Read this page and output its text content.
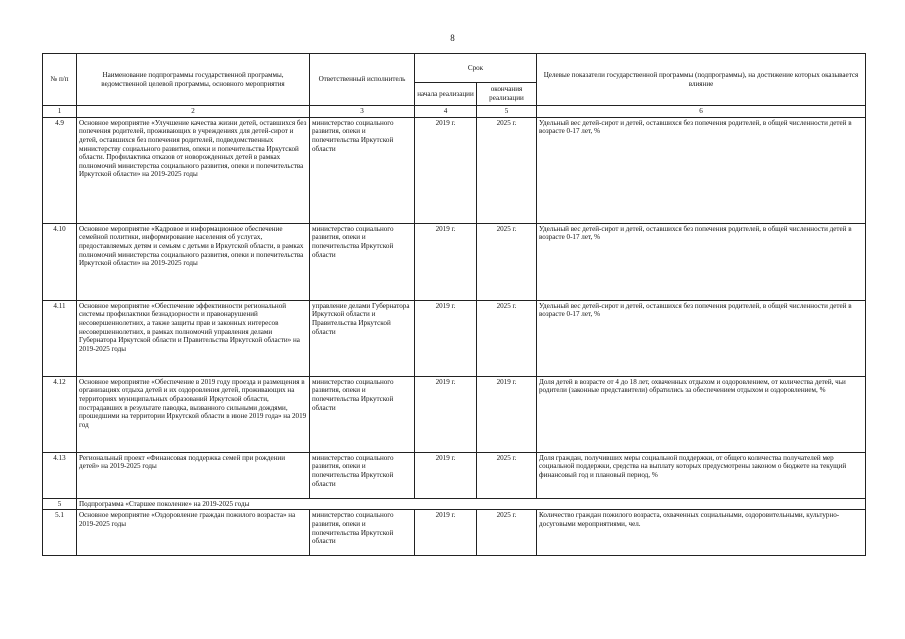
8
№ п/п	Наименование подпрограммы государственной программы, ведомственной целевой программы, основного мероприятия	Ответственный исполнитель	Срок		Целевые показатели государственной программы (подпрограммы), на достижение которых оказывается влияние
			начала реализации	окончания реализации	
1	2	3	4	5	6
4.9	Основное мероприятие «Улучшение качества жизни детей, оставшихся без попечения родителей, проживающих в учреждениях для детей-сирот и детей, оставшихся без попечения родителей, подведомственных министерству социального развития, опеки и попечительства Иркутской области. Профилактика отказов от новорожденных детей в рамках полномочий министерства социального развития, опеки и попечительства Иркутской области» на 2019-2025 годы	министерство социального развития, опеки и попечительства Иркутской области	2019 г.	2025 г.	Удельный вес детей-сирот и детей, оставшихся без попечения родителей, в общей численности детей в возрасте 0-17 лет, %
4.10	Основное мероприятие «Кадровое и информационное обеспечение семейной политики, информирование населения об услугах, предоставляемых детям и семьям с детьми в Иркутской области, в рамках полномочий министерства социального развития, опеки и попечительства Иркутской области» на 2019-2025 годы	министерство социального развития, опеки и попечительства Иркутской области	2019 г.	2025 г.	Удельный вес детей-сирот и детей, оставшихся без попечения родителей, в общей численности детей в возрасте 0-17 лет, %
4.11	Основное мероприятие «Обеспечение эффективности региональной системы профилактики безнадзорности и правонарушений несовершеннолетних, а также защиты прав и законных интересов несовершеннолетних, в рамках полномочий управления делами Губернатора Иркутской области и Правительства Иркутской области» на 2019-2025 годы	управление делами Губернатора Иркутской области и Правительства Иркутской области	2019 г.	2025 г.	Удельный вес детей-сирот и детей, оставшихся без попечения родителей, в общей численности детей в возрасте 0-17 лет, %
4.12	Основное мероприятие «Обеспечение в 2019 году проезда и размещения в организациях отдыха детей и их оздоровления детей, проживающих на территориях муниципальных образований Иркутской области, пострадавших в результате паводка, вызванного сильными дождями, прошедшими на территории Иркутской области в июне 2019 года» на 2019 год	министерство социального развития, опеки и попечительства Иркутской области	2019 г.	2019 г.	Доля детей в возрасте от 4 до 18 лет, охваченных отдыхом и оздоровлением, от количества детей, чьи родители (законные представители) обратились за обеспечением отдыхом и оздоровлением, %
4.13	Региональный проект «Финансовая поддержка семей при рождении детей» на 2019-2025 годы	министерство социального развития, опеки и попечительства Иркутской области	2019 г.	2025 г.	Доля граждан, получивших меры социальной поддержки, от общего количества получателей мер социальной поддержки, средства на выплату которых предусмотрены законом о бюджете на текущий финансовый год и плановый период, %
5	Подпрограмма «Старшее поколение» на 2019-2025 годы				
5.1	Основное мероприятие «Оздоровление граждан пожилого возраста» на 2019-2025 годы	министерство социального развития, опеки и попечительства Иркутской области	2019 г.	2025 г.	Количество граждан пожилого возраста, охваченных социальными, оздоровительными, культурно-досуговыми мероприятиями, чел.
